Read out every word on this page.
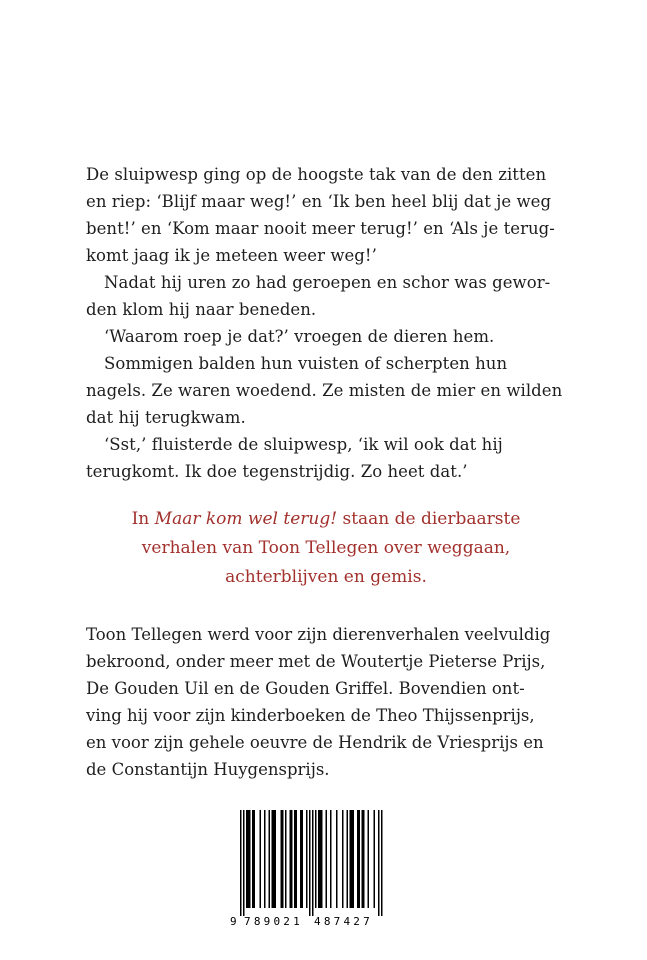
De sluipwesp ging op de hoogste tak van de den zitten
en riep: ‘Blijf maar weg!’ en ‘Ik ben heel blij dat je weg
bent!’ en ‘Kom maar nooit meer terug!’ en ‘Als je terug-
komt jaag ik je meteen weer weg!’
Nadat hij uren zo had geroepen en schor was gewor-
den klom hij naar beneden.
‘Waarom roep je dat?’ vroegen de dieren hem.
Sommigen balden hun vuisten of scherpten hun
nagels. Ze waren woedend. Ze misten de mier en wilden
dat hij terugkwam.
‘Sst,’ fluisterde de sluipwesp, ‘ik wil ook dat hij
terugkomt. Ik doe tegenstrijdig. Zo heet dat.’
In Maar kom wel terug! staan de dierbaarste
verhalen van Toon Tellegen over weggaan,
achterblijven en gemis.
Toon Tellegen werd voor zijn dierenverhalen veelvuldig
bekroond, onder meer met de Woutertje Pieterse Prijs,
De Gouden Uil en de Gouden Griffel. Bovendien ont-
ving hij voor zijn kinderboeken de Theo Thijssenprijs,
en voor zijn gehele oeuvre de Hendrik de Vriesprijs en
de Constantijn Huygensprijs.
9 789021 487427
